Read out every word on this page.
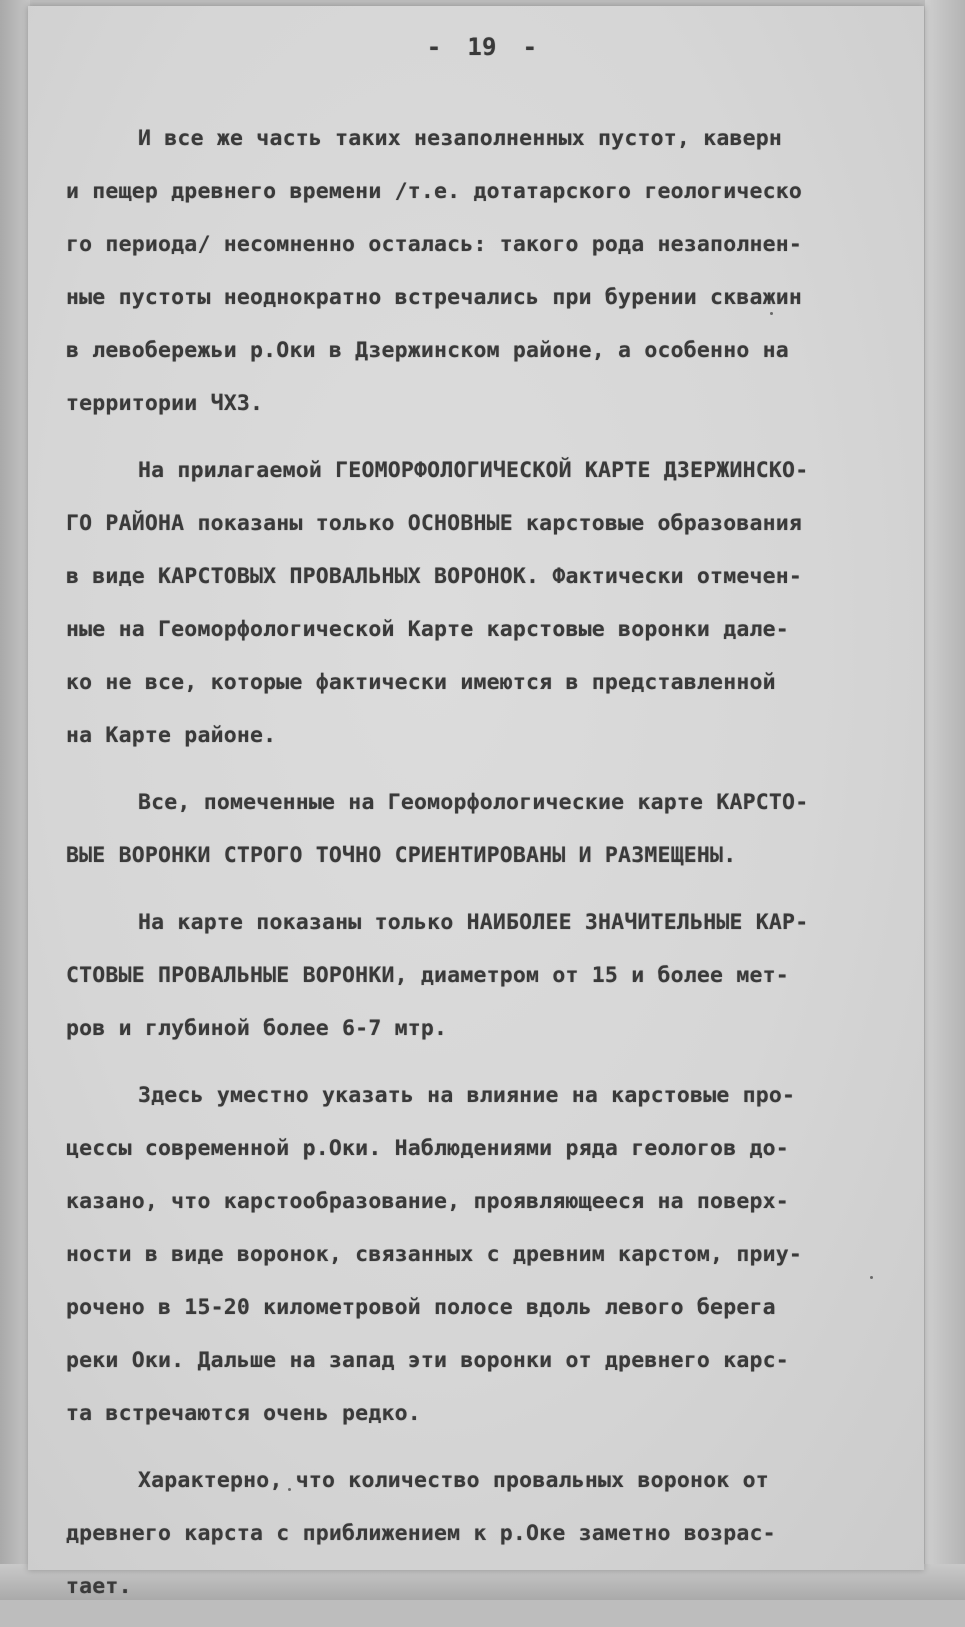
- 19 -
И все же часть таких незаполненных пустот, каверн
и пещер древнего времени /т.е. дотатарского геологическо
го периода/ несомненно осталась: такого рода незаполнен-
ные пустоты неоднократно встречались при бурении скважин
в левобережьи р.Оки в Дзержинском районе, а особенно на
территории ЧХЗ.
На прилагаемой ГЕОМОРФОЛОГИЧЕСКОЙ КАРТЕ ДЗЕРЖИНСКО-
ГО РАЙОНА показаны только ОСНОВНЫЕ карстовые образования
в виде КАРСТОВЫХ ПРОВАЛЬНЫХ ВОРОНОК. Фактически отмечен-
ные на Геоморфологической Карте карстовые воронки дале-
ко не все, которые фактически имеются в представленной
на Карте районе.
Все, помеченные на Геоморфологические карте КАРСТО-
ВЫЕ ВОРОНКИ СТРОГО ТОЧНО СРИЕНТИРОВАНЫ И РАЗМЕЩЕНЫ.
На карте показаны только НАИБОЛЕЕ ЗНАЧИТЕЛЬНЫЕ КАР-
СТОВЫЕ ПРОВАЛЬНЫЕ ВОРОНКИ, диаметром от 15 и более мет-
ров и глубиной более 6-7 мтр.
Здесь уместно указать на влияние на карстовые про-
цессы современной р.Оки. Наблюдениями ряда геологов до-
казано, что карстообразование, проявляющееся на поверх-
ности в виде воронок, связанных с древним карстом, приу-
рочено в 15-20 километровой полосе вдоль левого берега
реки Оки. Дальше на запад эти воронки от древнего карс-
та встречаются очень редко.
Характерно, что количество провальных воронок от
древнего карста с приближением к р.Оке заметно возрас-
тает.
